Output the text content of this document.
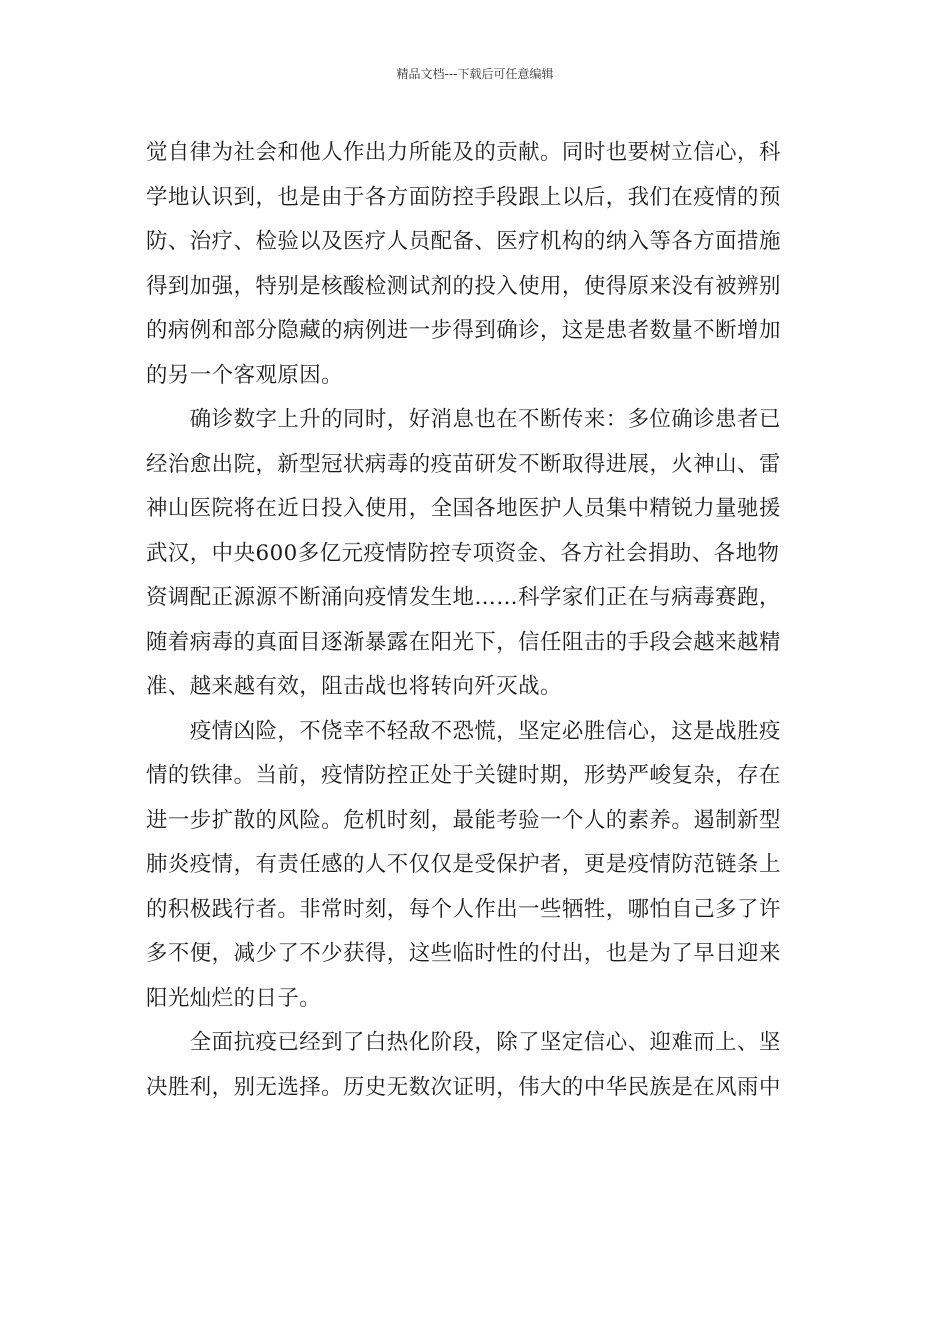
精品文档---下载后可任意编辑

觉自律为社会和他人作出力所能及的贡献。同时也要树立信心，科
学地认识到，也是由于各方面防控手段跟上以后，我们在疫情的预
防、治疗、检验以及医疗人员配备、医疗机构的纳入等各方面措施
得到加强，特别是核酸检测试剂的投入使用，使得原来没有被辨别
的病例和部分隐藏的病例进一步得到确诊，这是患者数量不断增加
的另一个客观原因。

　　确诊数字上升的同时，好消息也在不断传来：多位确诊患者已
经治愈出院，新型冠状病毒的疫苗研发不断取得进展，火神山、雷
神山医院将在近日投入使用，全国各地医护人员集中精锐力量驰援
武汉，中央600多亿元疫情防控专项资金、各方社会捐助、各地物
资调配正源源不断涌向疫情发生地……科学家们正在与病毒赛跑，
随着病毒的真面目逐渐暴露在阳光下，信任阻击的手段会越来越精
准、越来越有效，阻击战也将转向歼灭战。

　　疫情凶险，不侥幸不轻敌不恐慌，坚定必胜信心，这是战胜疫
情的铁律。当前，疫情防控正处于关键时期，形势严峻复杂，存在
进一步扩散的风险。危机时刻，最能考验一个人的素养。遏制新型
肺炎疫情，有责任感的人不仅仅是受保护者，更是疫情防范链条上
的积极践行者。非常时刻，每个人作出一些牺牲，哪怕自己多了许
多不便，减少了不少获得，这些临时性的付出，也是为了早日迎来
阳光灿烂的日子。

　　全面抗疫已经到了白热化阶段，除了坚定信心、迎难而上、坚
决胜利，别无选择。历史无数次证明，伟大的中华民族是在风雨中
